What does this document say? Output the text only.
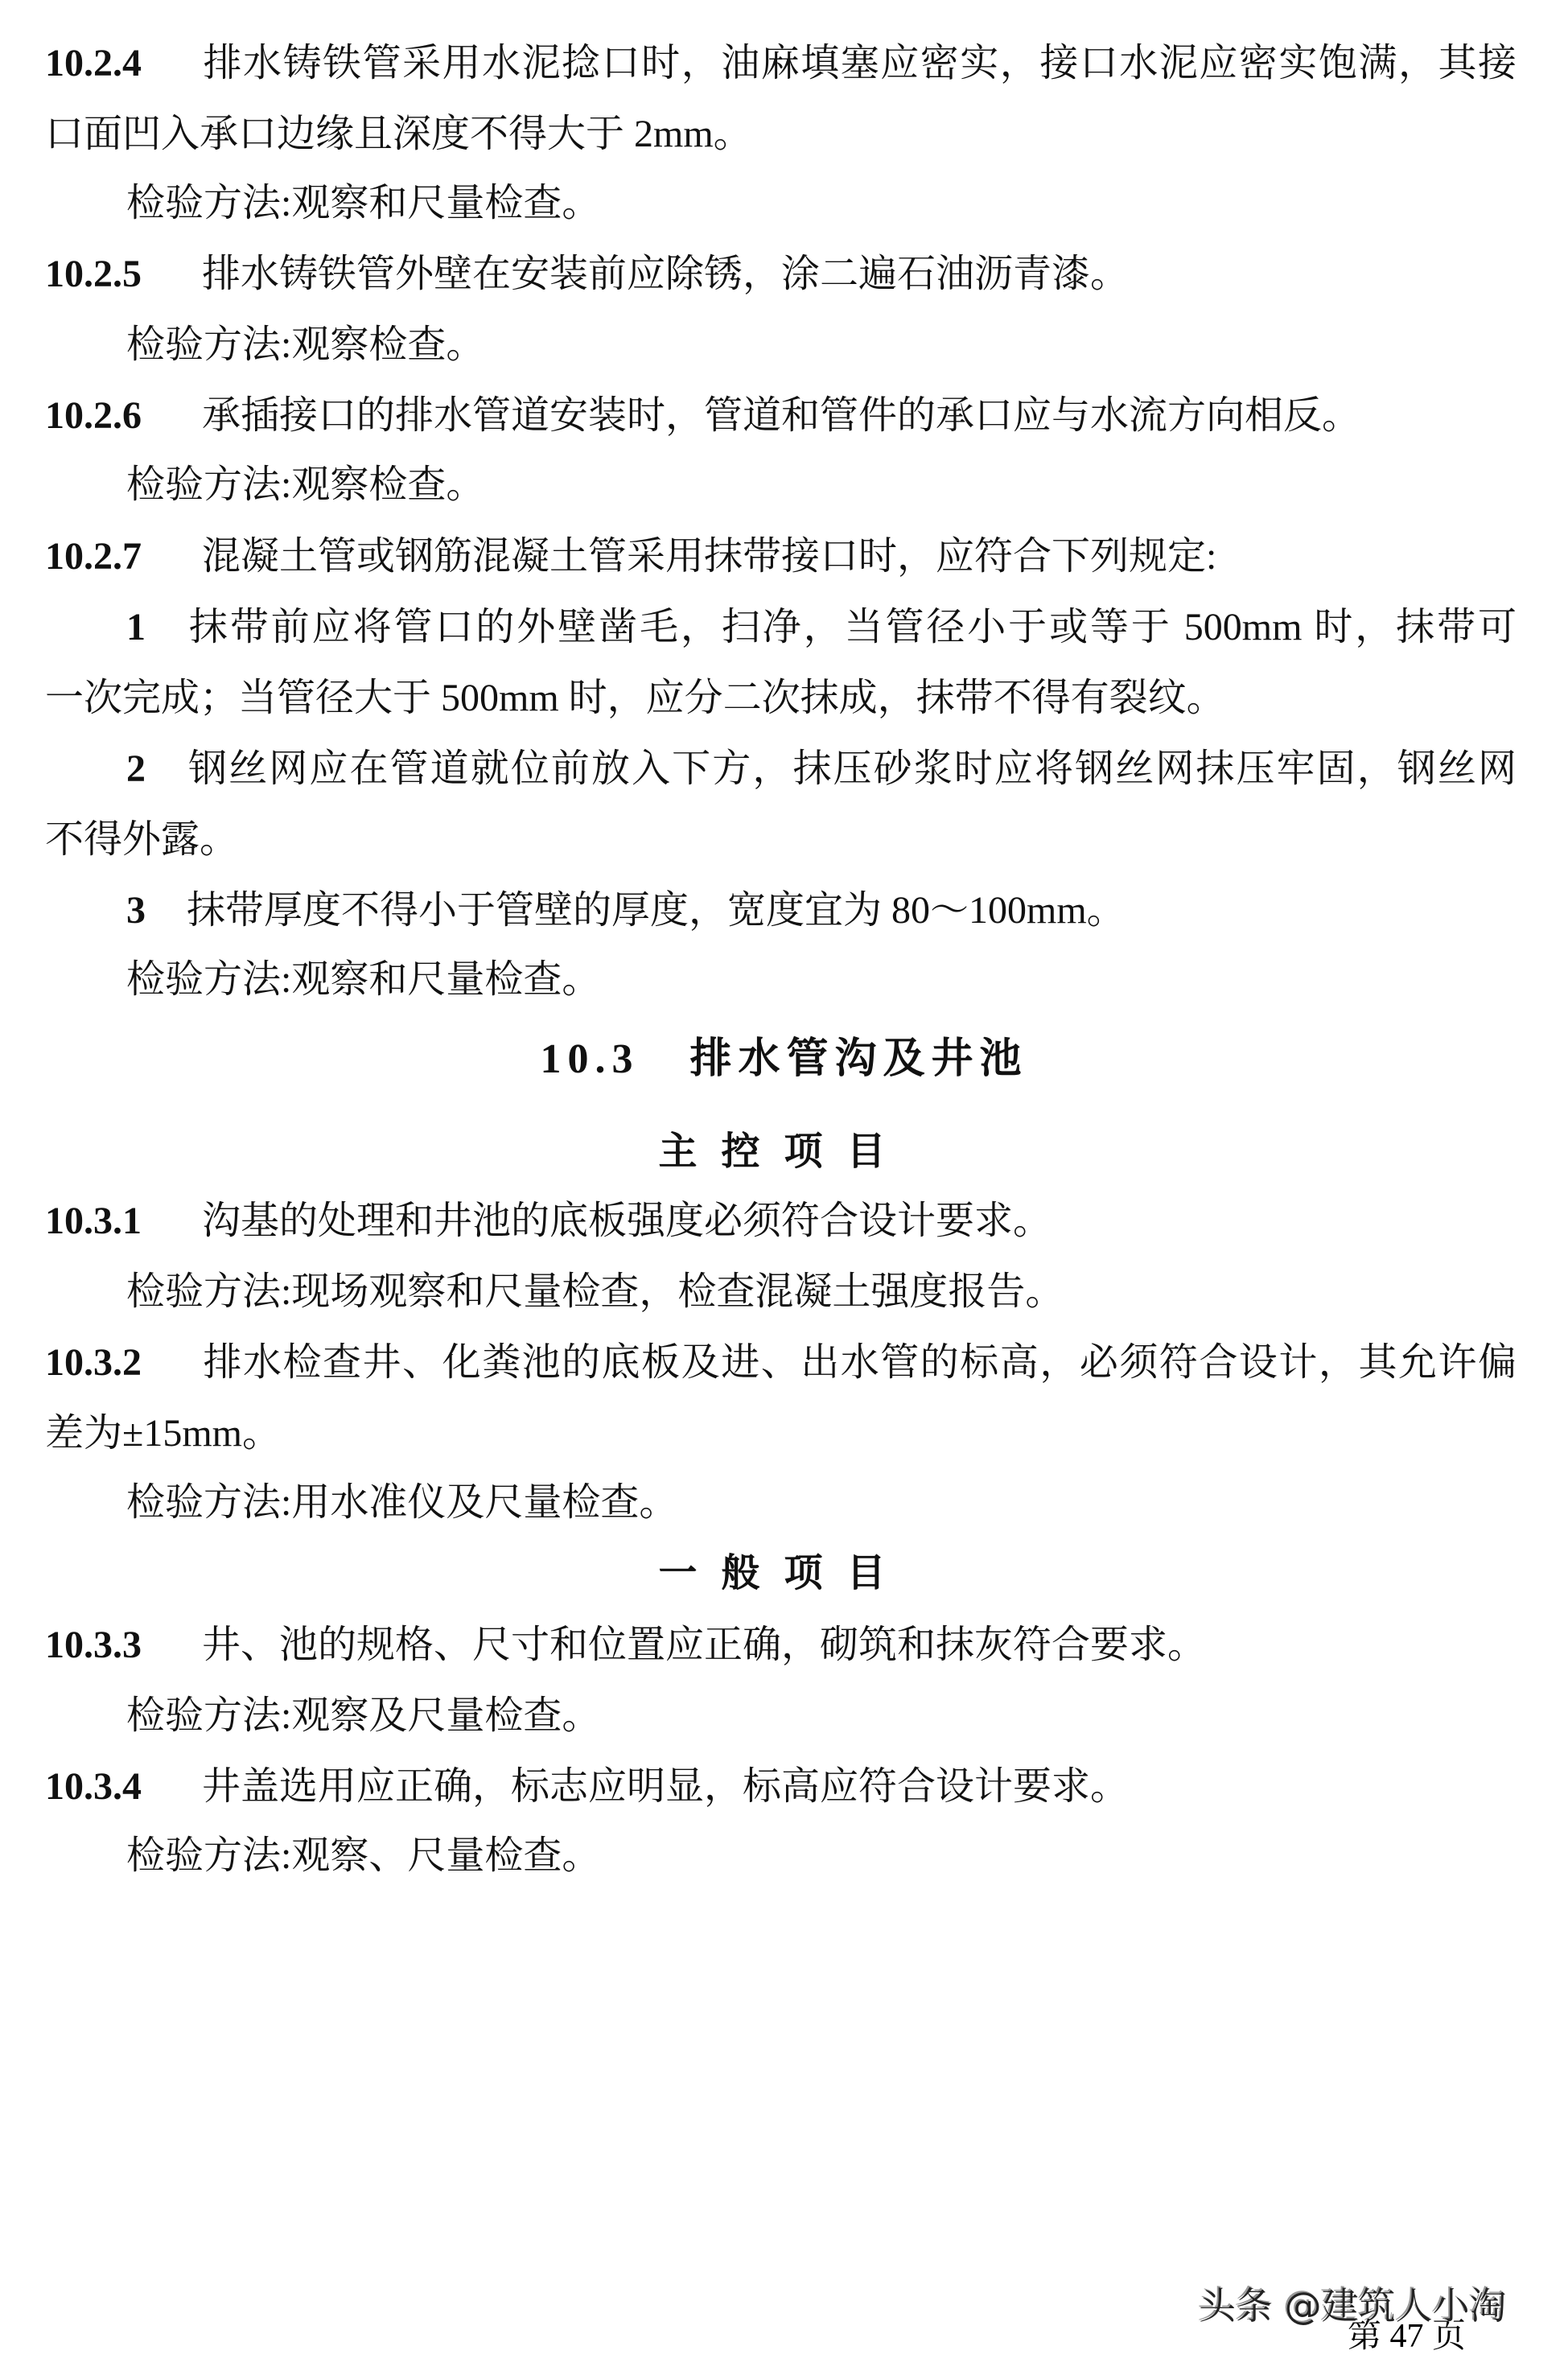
10.2.4 排水铸铁管采用水泥捻口时，油麻填塞应密实，接口水泥应密实饱满，其接
口面凹入承口边缘且深度不得大于 2mm。
检验方法:观察和尺量检查。
10.2.5 排水铸铁管外壁在安装前应除锈，涂二遍石油沥青漆。
检验方法:观察检查。
10.2.6 承插接口的排水管道安装时，管道和管件的承口应与水流方向相反。
检验方法:观察检查。
10.2.7 混凝土管或钢筋混凝土管采用抹带接口时，应符合下列规定:
1 抹带前应将管口的外壁凿毛，扫净，当管径小于或等于 500mm 时，抹带可
一次完成；当管径大于 500mm 时，应分二次抹成，抹带不得有裂纹。
2 钢丝网应在管道就位前放入下方，抹压砂浆时应将钢丝网抹压牢固，钢丝网
不得外露。
3 抹带厚度不得小于管壁的厚度，宽度宜为 80～100mm。
检验方法:观察和尺量检查。
10.3 排水管沟及井池
主控项目
10.3.1 沟基的处理和井池的底板强度必须符合设计要求。
检验方法:现场观察和尺量检查，检查混凝土强度报告。
10.3.2 排水检查井、化粪池的底板及进、出水管的标高，必须符合设计，其允许偏
差为±15mm。
检验方法:用水准仪及尺量检查。
一般项目
10.3.3 井、池的规格、尺寸和位置应正确，砌筑和抹灰符合要求。
检验方法:观察及尺量检查。
10.3.4 井盖选用应正确，标志应明显，标高应符合设计要求。
检验方法:观察、尺量检查。
第 47 页
头条 @建筑人小淘
